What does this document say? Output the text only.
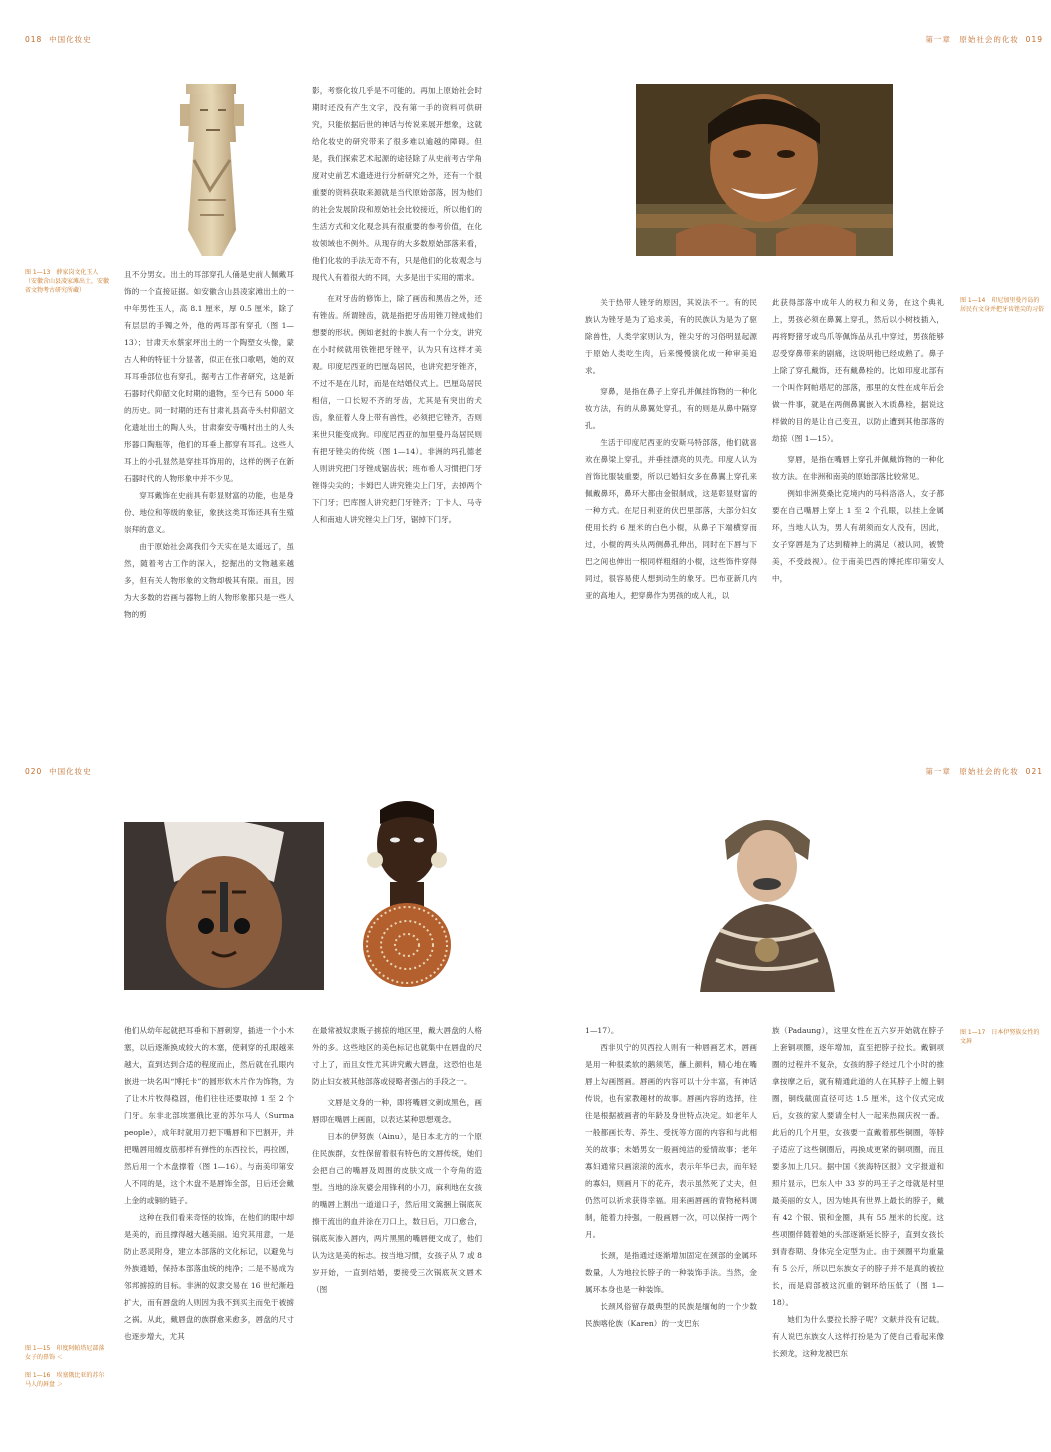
018 中国化妆史	第一章　原始社会的化妆 019
020 中国化妆史	第一章　原始社会的化妆 021
图 1—13　薛家岗文化玉人（安徽含山县凌家滩出土，安徽省文物考古研究所藏）

且不分男女。出土的耳部穿孔人俑是史前人佩戴耳饰的一个直接证据。如安徽含山县凌家滩出土的一中年男性玉人，高 8.1 厘米，厚 0.5 厘米，除了有层层的手镯之外，他的两耳部有穿孔（图 1—13）；甘肃天水蔡家坪出土的一个陶塑女头像，蒙古人种的特征十分显著，似正在张口歌唱，她的双耳耳垂部位也有穿孔，据考古工作者研究，这是新石器时代仰韶文化时期的遗物，至今已有 5000 年的历史。同一时期的还有甘肃礼县高寺头村仰韶文化遗址出土的陶人头，甘肃秦安寺嘴村出土的人头形器口陶瓶等，他们的耳垂上都穿有耳孔。这些人耳上的小孔显然是穿挂耳饰用的，这样的例子在新石器时代的人物形象中并不少见。

穿耳戴饰在史前具有彰显财富的功能，也是身份、地位和等级的象征，象狭这类耳饰还具有生殖崇拜的意义。

由于原始社会离我们今天实在是太遥远了，虽然，随着考古工作的深入，挖掘出的文物越来越多，但有关人物形象的文物却极其有限。而且，因为大多数的岩画与器物上的人物形象都只是一些人物的剪

影，考察化妆几乎是不可能的。再加上原始社会时期时还没有产生文字，没有第一手的资料可供研究，只能依据后世的神话与传说来展开想象，这就给化妆史的研究带来了很多难以逾越的障碍。但是，我们探索艺术起源的途径除了从史前考古学角度对史前艺术遗迹进行分析研究之外，还有一个很重要的资料获取来源就是当代原始部落，因为他们的社会发展阶段和原始社会比较接近，所以他们的生活方式和文化观念具有很重要的参考价值，在化妆领域也不例外。从现存的大多数原始部落来看，他们化妆的手法无奇不有，只是他们的化妆观念与现代人有着很大的不同，大多是出于实用的需求。

在对牙齿的修饰上，除了画齿和黑齿之外，还有锉齿。所谓锉齿，就是指把牙齿用锉刀锉成他们想要的形状。例如老挝的卡族人有一个分支，讲究在小时候就用铁锉把牙锉平，认为只有这样才美观。印度尼西亚的巴厘岛居民，也讲究把牙锉齐，不过不是在儿时，而是在结婚仪式上。巴厘岛居民相信，一口长短不齐的牙齿，尤其是有突出的犬齿，象征着人身上带有兽性，必须把它锉齐，否则来世只能变成狗。印度尼西亚的加里曼丹岛居民则有把牙锉尖的传统（图 1—14）。非洲的玛孔德老人则讲究把门牙锉成锯齿状；班布希人习惯把门牙锉得尖尖的；卡姆巴人讲究锉尖上门牙，去掉两个下门牙；巴库图人讲究把门牙锉齐；丁卡人、马寺人和南迪人讲究锉尖上门牙，锯掉下门牙。

图 1—14　印尼加里曼丹岛的居民有文身并把牙齿锉尖的习俗

关于热带人锉牙的原因，其说法不一。有的民族认为锉牙是为了追求美，有的民族认为是为了驱除兽性，人类学家则认为，锉尖牙的习俗明显起源于原始人类吃生肉，后来慢慢演化成一种审美追求。

穿鼻，是指在鼻子上穿孔并佩挂饰物的一种化妆方法，有的从鼻翼处穿孔，有的则是从鼻中隔穿孔。

生活于印度尼西亚的安斯马特部落，他们就喜欢在鼻梁上穿孔，并垂挂漂亮的贝壳。印度人认为首饰比服装重要，所以已婚妇女多在鼻翼上穿孔来佩戴鼻环，鼻环大都由金银制成，这是彰显财富的一种方式。在尼日利亚的伏巴里部落，大部分妇女使用长约 6 厘米的白色小棍，从鼻子下端横穿而过，小棍的两头从两侧鼻孔伸出，同时在下唇与下巴之间也伸出一根同样粗细的小棍，这些饰件穿得同过，很容易使人想到动生的象牙。巴布亚新几内亚的高地人，把穿鼻作为男孩的成人礼，以

此获得部落中成年人的权力和义务，在这个典礼上，男孩必须在鼻翼上穿孔，然后以小树枝插入，再将野猪牙或鸟爪等佩饰品从孔中穿过，男孩能够忍受穿鼻带来的剧痛，这说明他已经成熟了。鼻子上除了穿孔戴饰，还有戴鼻栓的。比如印度北部有一个叫作阿帕塔尼的部落，那里的女性在成年后会做一件事，就是在两侧鼻翼嵌入木质鼻栓，据说这样做的目的是让自己变丑，以防止遭到其他部落的劫掠（图 1—15）。

穿唇，是指在嘴唇上穿孔并佩戴饰物的一种化妆方法。在非洲和南美的原始部落比较常见。

例如非洲莫桑比克境内的马科洛洛人，女子都要在自己嘴唇上穿上 1 至 2 个孔眼，以挂上金属环，当地人认为，男人有胡须而女人没有，因此，女子穿唇是为了达到精神上的满足（被认同，被赞美，不受歧视）。位于南美巴西的博托库印第安人中，

图 1—15　印度阿帕塔尼部落女子的鼻饰 ＜
图 1—16　埃塞俄比亚的苏尔马人的唇盘 ＞

他们从幼年起就把耳垂和下唇刺穿，插进一个小木塞，以后逐渐换成较大的木塞，使刺穿的孔眼越来越大，直到达到合适的程度而止，然后就在孔眼内嵌进一块名叫“博托卡”的圆形软木片作为饰物，为了让木片牧得稳固，他们往往还要取掉 1 至 2 个门牙。东非北部埃塞俄比亚的苏尔马人（Surma people），成年时就用刀把下嘴唇和下巴割开，并把嘴唇用缠皮筋那样有弹性的东西拉长，再拉圆，然后用一个木盘撑着（图 1—16）。与南美印第安人不同的是，这个木盘不是唇饰全部，日后还会戴上金的或铜的链子。

这种在我们看来奇怪的妆饰，在他们的眼中却是美的，而且撑得越大越美丽。追究其用意，一是防止恶灵附身，建立本部落的文化标记，以避免与外族通婚，保持本部落血统的纯净；二是不易成为邻邦掳掠的目标。非洲的奴隶交易在 16 世纪渐趋扩大，而有唇盘的人则因为我不到买主而免于被掳之祸。从此，戴唇盘的族群愈来愈多，唇盘的尺寸也逐步增大，尤其

在最常被奴隶贩子掳掠的地区里，戴大唇盘的人格外的多。这些地区的美色标记也就集中在唇盘的尺寸上了，而且女性尤其讲究戴大唇盘，这恐怕也是防止妇女被其他部落或侵略者强占的手段之一。

文唇是文身的一种，即将嘴唇文刺成黑色，画唇即在嘴唇上画面，以表达某种思想观念。

日本的伊努族（Ainu），是日本北方的一个原住民族群，女性保留着很有特色的文唇传统，她们会把自己的嘴唇及周围的皮肤文成一个夸角的造型。当地的涂灰婆会用锋利的小刀，麻利地在女孩的嘴唇上割出一道道口子，然后用文篙捆上锅底灰擦干流出的血并涂在刀口上，数日后，刀口愈合，锅底灰渗入唇内，两片黑黑的嘴唇便文成了，他们认为这是美的标志。按当地习惯，女孩子从 7 或 8 岁开始，一直到结婚，要接受三次锅底灰文唇术（图

图 1—17　日本伊努族女性的文唇

1—17）。

西非贝宁的贝西拉人则有一种唇画艺术，唇画是用一种很柔软的鹅须笔，蘸上颜料，精心地在嘴唇上勾画图画。唇画的内容可以十分丰富，有神话传说，也有家教趣材的故事。唇画内容的选择，往往是根据被画者的年龄及身世特点决定。如老年人一般都画长寿、养生、受抚等方面的内容和与此相关的故事；未婚男女一般画纯洁的爱情故事；老年寡妇通常只画滚滚的流水，表示年华已去，而年轻的寡妇，则画月下的花卉，表示虽然死了丈夫，但仍然可以祈求获得幸福。用来画唇画的青物秘料调制，能着力持强，一般画唇一次，可以保持一两个月。

长颈，是指通过逐渐增加固定在颈部的金属环数量，人为地拉长脖子的一种装饰手法。当然，金属环本身也是一种装饰。

长颈风俗留存最典型的民族是缅甸的一个少数民族喀伦族（Karen）的一支巴东

族（Padaung），这里女性在五六岁开始就在脖子上套铜项圈，逐年增加，直至把脖子拉长。戴铜项圈的过程并不复杂，女孩的脖子经过几个小时的推拿按摩之后，就有精通此道的人在其脖子上缠上铜圈，铜线截面直径可达 1.5 厘米，这个仪式完成后，女孩的家人要请全村人一起来热闹庆祝一番。此后的几个月里，女孩要一直戴着那些铜圈，等脖子适应了这些铜圈后，再换成更紧的铜项圈，而且要多加上几只。据中国《狭海特区报》文字报道和照片显示，巴东人中 33 岁的玛王子之母就是村里最美丽的女人，因为她具有世界上最长的脖子，戴有 42 个银、银和金圈，具有 55 厘米的长度。这些项圈伴随着她的头部逐渐延长脖子，直到女孩长到青春期、身体完全定型为止。由于颈圈平均重量有 5 公斤，所以巴东族女子的脖子并不是真的被拉长，而是肩部被这沉重的铜环给压低了（图 1—18）。

她们为什么要拉长脖子呢？文献并没有记载。有人说巴东族女人这样打扮是为了使自己看起来像长颈龙，这种龙被巴东
